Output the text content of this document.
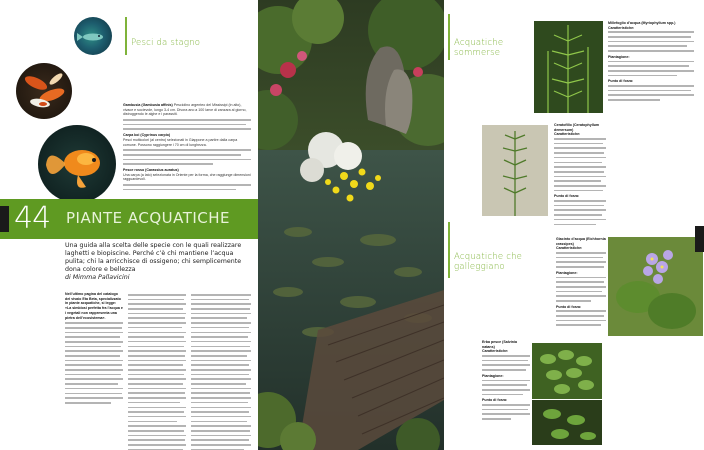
Pesci da stagno
Gambusia (Gambusia affinis) Pesciolino argenteo del Mississipi (in alto), vivace e socievole, lungo 3-4 cm. Divora ano a 100 larve di zanzara al giorno, distruggendo le alghe e i parassiti.
Carpa koi (Cyprinus carpio)
Pesci multicolori (al centro) selezionati in Giappone a partire dalla carpa comune. Possono raggiungere i 70 cm di lunghezza.
Pesce rosso (Carassius auratus)
Una carpa (a lato) selezionata in Oriente per la forma, che raggiunge dimensioni ragguardevoli.
44 PIANTE ACQUATICHE
Una guida alla scelta delle specie con le quali realizzare laghetti e biopiscine. Perché c’è chi mantiene l’acqua pulita; chi la arricchisce di ossigeno; chi semplicemente dona colore e bellezza
di Mimma Pallavicini
Nell’ultimo pagina del catalogo del vivaio Eta Beta, specializzato in piante acquatiche, si legge: «La simbiosi perfetta fra l’acqua e i vegetali non rappresenta una pietra dell’ecosistema».
Acquatiche sommerse
Acquatiche che galleggiano
Millefoglio d’acqua (Myriophyllum spp.)
Caratteristiche:
Piantagione:
Punto di forza:
Ceratofillo (Ceratophyllum demersum)
Caratteristiche:
Punto di forza:
Giacinto d’acqua (Eichhornia crassipes)
Caratteristiche:
Piantagione:
Punto di forza:
Erba pesce (Salvinia natans)
Caratteristiche:
Piantagione:
Punto di forza:
